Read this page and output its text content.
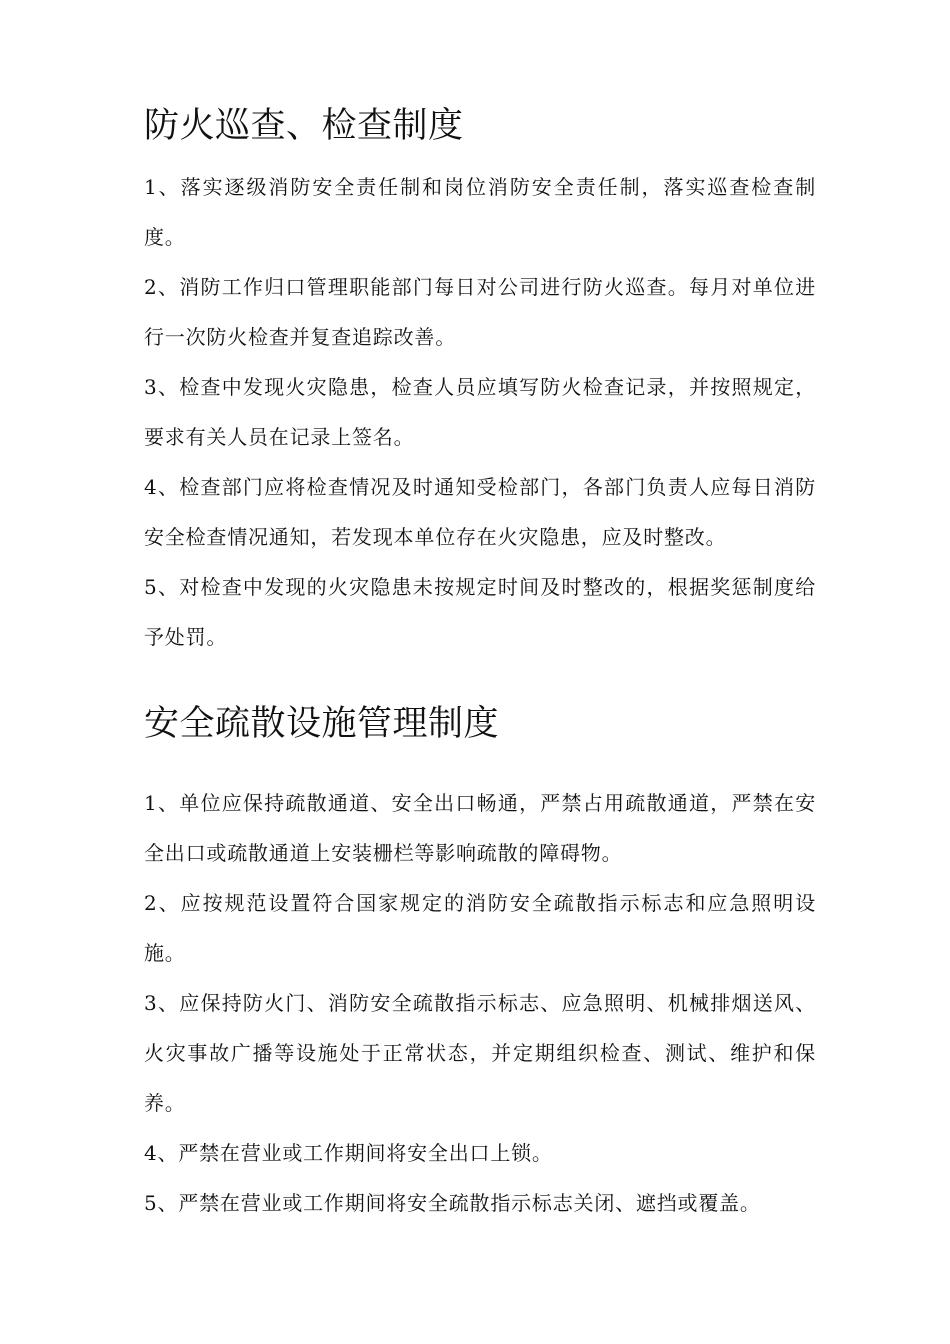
防火巡查、检查制度

1、落实逐级消防安全责任制和岗位消防安全责任制，落实巡查检查制度。

2、消防工作归口管理职能部门每日对公司进行防火巡查。每月对单位进行一次防火检查并复查追踪改善。

3、检查中发现火灾隐患，检查人员应填写防火检查记录，并按照规定，要求有关人员在记录上签名。

4、检查部门应将检查情况及时通知受检部门，各部门负责人应每日消防安全检查情况通知，若发现本单位存在火灾隐患，应及时整改。

5、对检查中发现的火灾隐患未按规定时间及时整改的，根据奖惩制度给予处罚。

安全疏散设施管理制度

1、单位应保持疏散通道、安全出口畅通，严禁占用疏散通道，严禁在安全出口或疏散通道上安装栅栏等影响疏散的障碍物。

2、应按规范设置符合国家规定的消防安全疏散指示标志和应急照明设施。

3、应保持防火门、消防安全疏散指示标志、应急照明、机械排烟送风、火灾事故广播等设施处于正常状态，并定期组织检查、测试、维护和保养。

4、严禁在营业或工作期间将安全出口上锁。

5、严禁在营业或工作期间将安全疏散指示标志关闭、遮挡或覆盖。
